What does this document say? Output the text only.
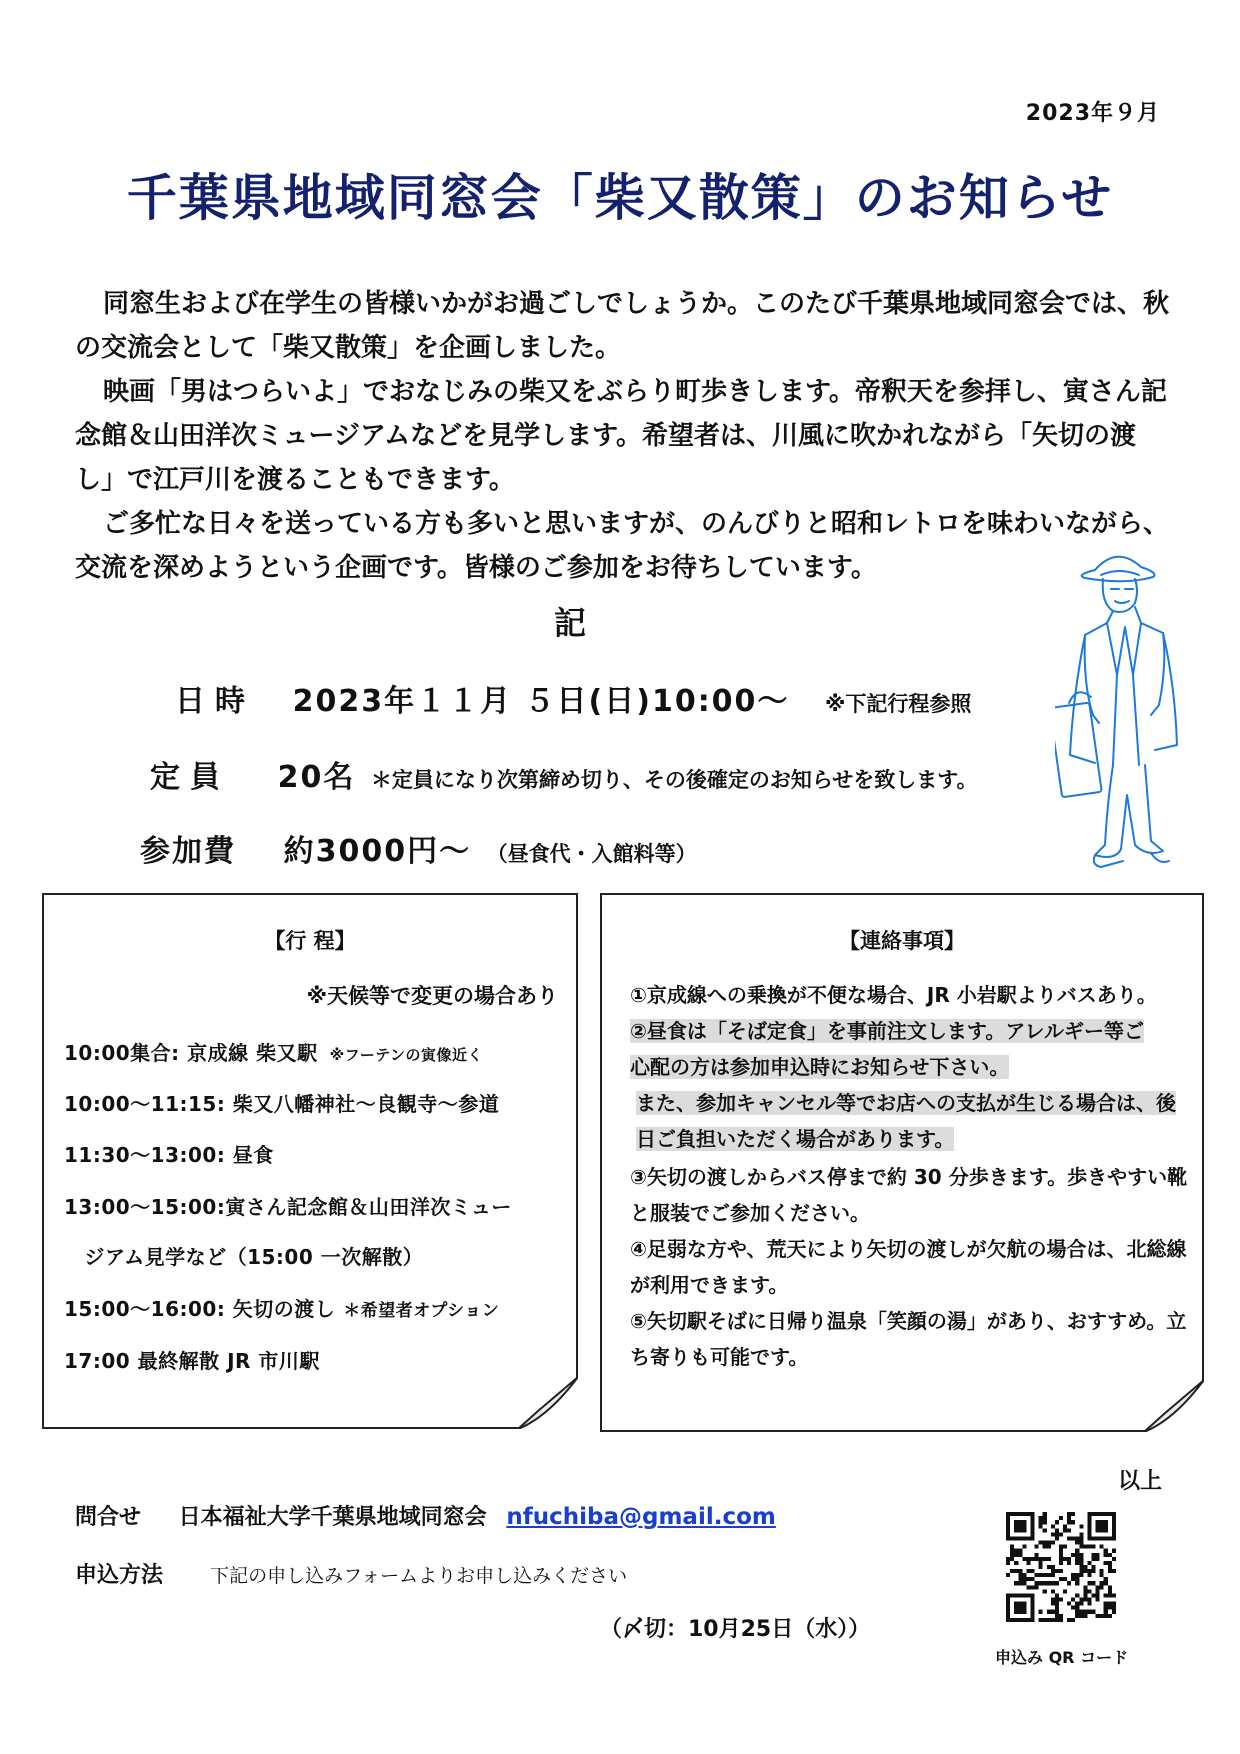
2023年９月
千葉県地域同窓会「柴又散策」のお知らせ

同窓生および在学生の皆様いかがお過ごしでしょうか。このたび千葉県地域同窓会では、秋の交流会として「柴又散策」を企画しました。

映画「男はつらいよ」でおなじみの柴又をぶらり町歩きします。帝釈天を参拝し、寅さん記念館＆山田洋次ミュージアムなどを見学します。希望者は、川風に吹かれながら「矢切の渡し」で江戸川を渡ることもできます。

ご多忙な日々を送っている方も多いと思いますが、のんびりと昭和レトロを味わいながら、交流を深めようという企画です。皆様のご参加をお待ちしています。

記
日時 2023年１１月 ５日(日)10:00～ ※下記行程参照
定員 20名 ＊定員になり次第締め切り、その後確定のお知らせを致します。
参加費 約3000円～ （昼食代・入館料等）
【行 程】
※天候等で変更の場合あり
10:00集合: 京成線 柴又駅 ※フーテンの寅像近く
10:00～11:15: 柴又八幡神社～良観寺～参道
11:30～13:00: 昼食
13:00～15:00:寅さん記念館＆山田洋次ミュー
　ジアム見学など（15:00 一次解散）
15:00～16:00: 矢切の渡し ＊希望者オプション
17:00 最終解散 JR 市川駅
【連絡事項】
①京成線への乗換が不便な場合、JR 小岩駅よりバスあり。
②昼食は「そば定食」を事前注文します。アレルギー等ご心配の方は参加申込時にお知らせ下さい。
また、参加キャンセル等でお店への支払が生じる場合は、後日ご負担いただく場合があります。
③矢切の渡しからバス停まで約 30 分歩きます。歩きやすい靴と服装でご参加ください。
④足弱な方や、荒天により矢切の渡しが欠航の場合は、北総線が利用できます。
⑤矢切駅そばに日帰り温泉「笑顔の湯」があり、おすすめ。立ち寄りも可能です。
以上
問合せ 日本福祉大学千葉県地域同窓会 nfuchiba@gmail.com
申込方法 下記の申し込みフォームよりお申し込みください
（〆切：10月25日（水））
申込み QR コード
